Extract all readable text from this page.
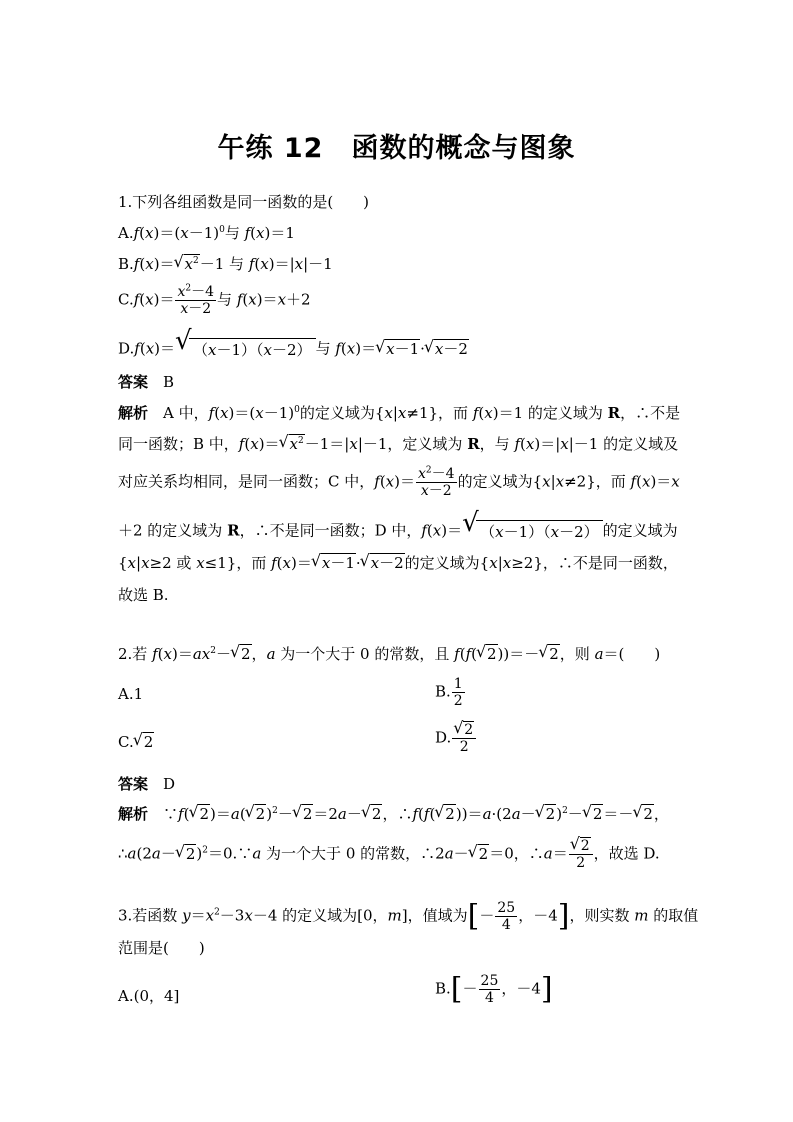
午练 12　函数的概念与图象
1.下列各组函数是同一函数的是(　　)
$A.f(x)=(x-1)^0$与 f(x)＝1
B.f(x)＝√ $x^2-1$ 与 f(x)＝|x|－1
$C.f(x)= \frac{x^2-4}{x-2}$ 与 f(x)＝x＋2
D.f(x)＝√ （x－1）（x－2） 与 f(x)＝√ x－1·√ x－2
答案　 B
解析　A 中，$f(x)=(x-1)^0$的定义域为{x|x≠1}，而 f(x)＝1 的定义域为 R，∴不是
同一函数；B 中，f(x)＝√ $x^2-1=|x|-1$，定义域为 R，与 f(x)＝|x|－1 的定义域及
对应关系均相同，是同一函数；C 中，$f(x)= \frac{x^2-4}{x-2}$ 的定义域为{x|x≠2}，而 f(x)＝x
＋2 的定义域为 R，∴不是同一函数；D 中，f(x)＝√ （x－1）（x－2） 的定义域为
{x|x≥2 或 x≤1}，而 f(x)＝√ x－1·√ x－2的定义域为{x|x≥2}，∴不是同一函数，
故选 B.
2.若 $f(x)=ax^2-√$ 2，a 为一个大于 0 的常数，且 f(f(√ 2))＝－√ 2，则 a＝(　　)
A.1	B. $\frac{1}{2}$
C.√ 2	D.
√ $\frac{2}{2}$
答案　 D
解析　∵f(√ 2)＝a(√ 2)$^2$－√ 2＝2a－√ 2，∴f(f(√ 2))＝a·(2a－√ 2)$^2$－√ 2＝－√ 2，
∴a(2a－√ 2)$^2$＝0.∵a 为一个大于 0 的常数，∴2a－√ 2＝0，∴a＝
√ $\frac{2}{2}$ ，故选 D.
3.若函数 $y=x^2-3x-4$ 的定义域为[0，m]，值域为[－ $\frac{25}{4}$ ，－4]，则实数 m 的取值
范围是(　　)
A.(0，4]	$B.[- \frac{25}{4}$ ，－4]
